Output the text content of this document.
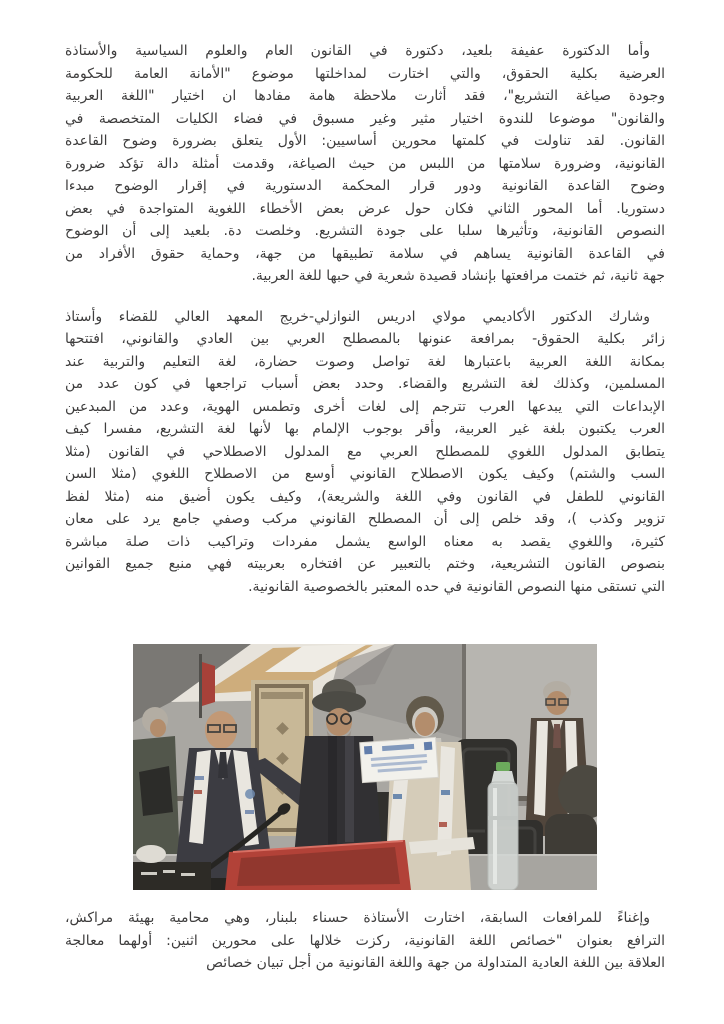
وأما الدكتورة عفيفة بلعيد، دكتورة في القانون العام والعلوم السياسية والأستاذة
العرضية بكلية الحقوق، والتي اختارت لمداخلتها موضوع "الأمانة العامة للحكومة
وجودة صياغة التشريع"، فقد أثارت ملاحظة هامة مفادها ان اختيار "اللغة العربية
والقانون" موضوعا للندوة اختيار مثير وغير مسبوق في فضاء الكليات المتخصصة في
القانون. لقد تناولت في كلمتها محورين أساسيين: الأول يتعلق بضرورة وضوح القاعدة
القانونية، وضرورة سلامتها من اللبس من حيث الصياغة، وقدمت أمثلة دالة تؤكد ضرورة
وضوح القاعدة القانونية ودور قرار المحكمة الدستورية في إقرار الوضوح مبدءا
دستوريا. أما المحور الثاني فكان حول عرض بعض الأخطاء اللغوية المتواجدة في بعض
النصوص القانونية، وتأثيرها سلبا على جودة التشريع. وخلصت دة. بلعيد إلى أن الوضوح
في القاعدة القانونية يساهم في سلامة تطبيقها من جهة، وحماية حقوق الأفراد من
جهة ثانية، ثم ختمت مرافعتها بإنشاد قصيدة شعرية في حبها للغة العربية.
وشارك الدكتور الأكاديمي مولاي ادريس النوازلي-خريج المعهد العالي للقضاء وأستاذ
زائر بكلية الحقوق- بمرافعة عنونها بالمصطلح العربي بين العادي والقانوني، افتتحها
بمكانة اللغة العربية باعتبارها لغة تواصل وصوت حضارة، لغة التعليم والتربية عند
المسلمين، وكذلك لغة التشريع والقضاء. وحدد بعض أسباب تراجعها في كون عدد من
الإبداعات التي يبدعها العرب تترجم إلى لغات أخرى وتطمس الهوية، وعدد من المبدعين
العرب يكتبون بلغة غير العربية، وأقر بوجوب الإلمام بها لأنها لغة التشريع، مفسرا كيف
يتطابق المدلول اللغوي للمصطلح العربي مع المدلول الاصطلاحي في القانون (مثلا
السب والشتم) وكيف يكون الاصطلاح القانوني أوسع من الاصطلاح اللغوي (مثلا السن
القانوني للطفل في القانون وفي اللغة والشريعة)، وكيف يكون أضيق منه (مثلا لفظ
تزوير وكذب )، وقد خلص إلى أن المصطلح القانوني مركب وصفي جامع يرد على معان
كثيرة، واللغوي يقصد به معناه الواسع يشمل مفردات وتراكيب ذات صلة مباشرة
بنصوص القانون التشريعية، وختم بالتعبير عن افتخاره بعربيته فهي منبع جميع القوانين
التي تستقى منها النصوص القانونية في حده المعتبر بالخصوصية القانونية.
وإغناءً للمرافعات السابقة، اختارت الأستاذة حسناء بلبنار، وهي محامية بهيئة مراكش،
الترافع بعنوان "خصائص اللغة القانونية، ركزت خلالها على محورين اثنين: أولهما معالجة
العلاقة بين اللغة العادية المتداولة من جهة واللغة القانونية من أجل تبيان خصائص
